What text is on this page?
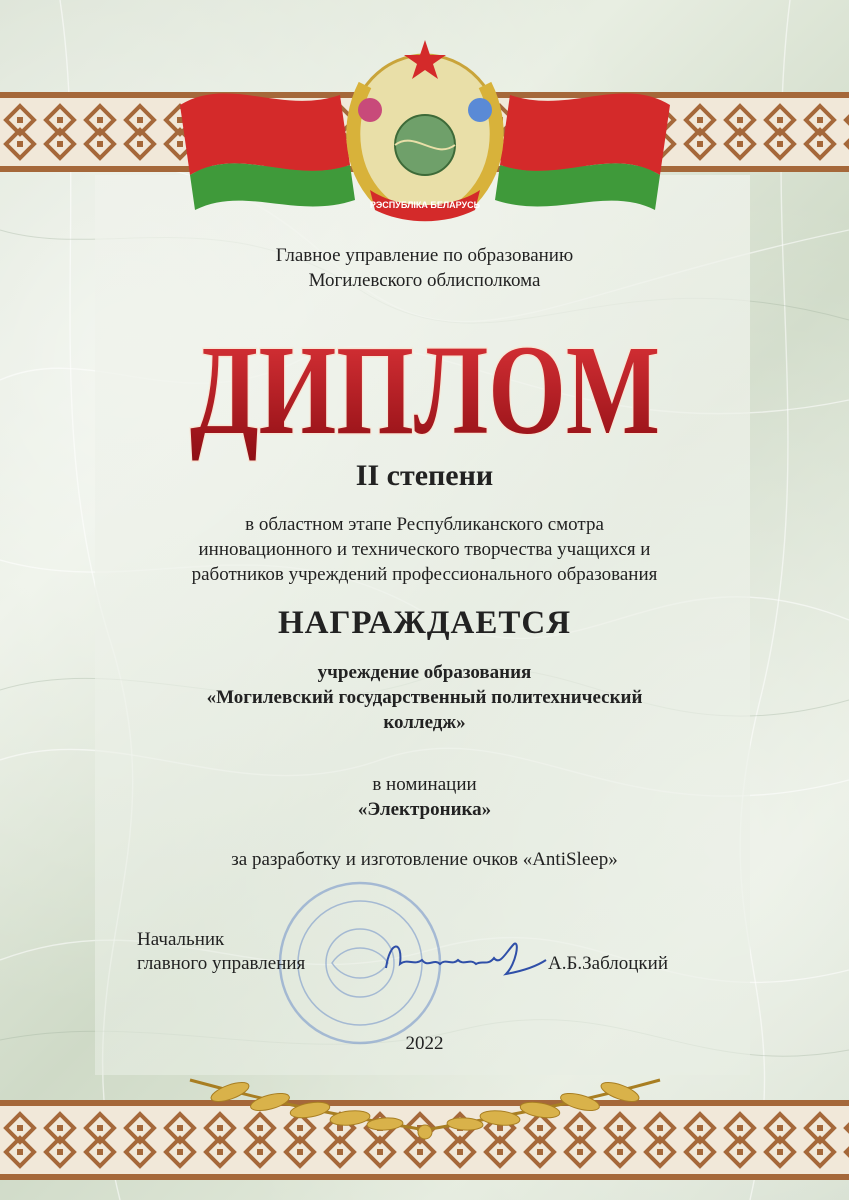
РЭСПУБЛІКА БЕЛАРУСЬ
Главное управление по образованию
Могилевского облисполкома
ДИПЛОМ
II степени
в областном этапе Республиканского смотра
инновационного и технического творчества учащихся и
работников учреждений профессионального образования
НАГРАЖДАЕТСЯ
учреждение образования
«Могилевский государственный политехнический
колледж»
в номинации
«Электроника»
за разработку и изготовление очков «AntiSleep»
Начальник
главного управления	А.Б.Заблоцкий
2022
